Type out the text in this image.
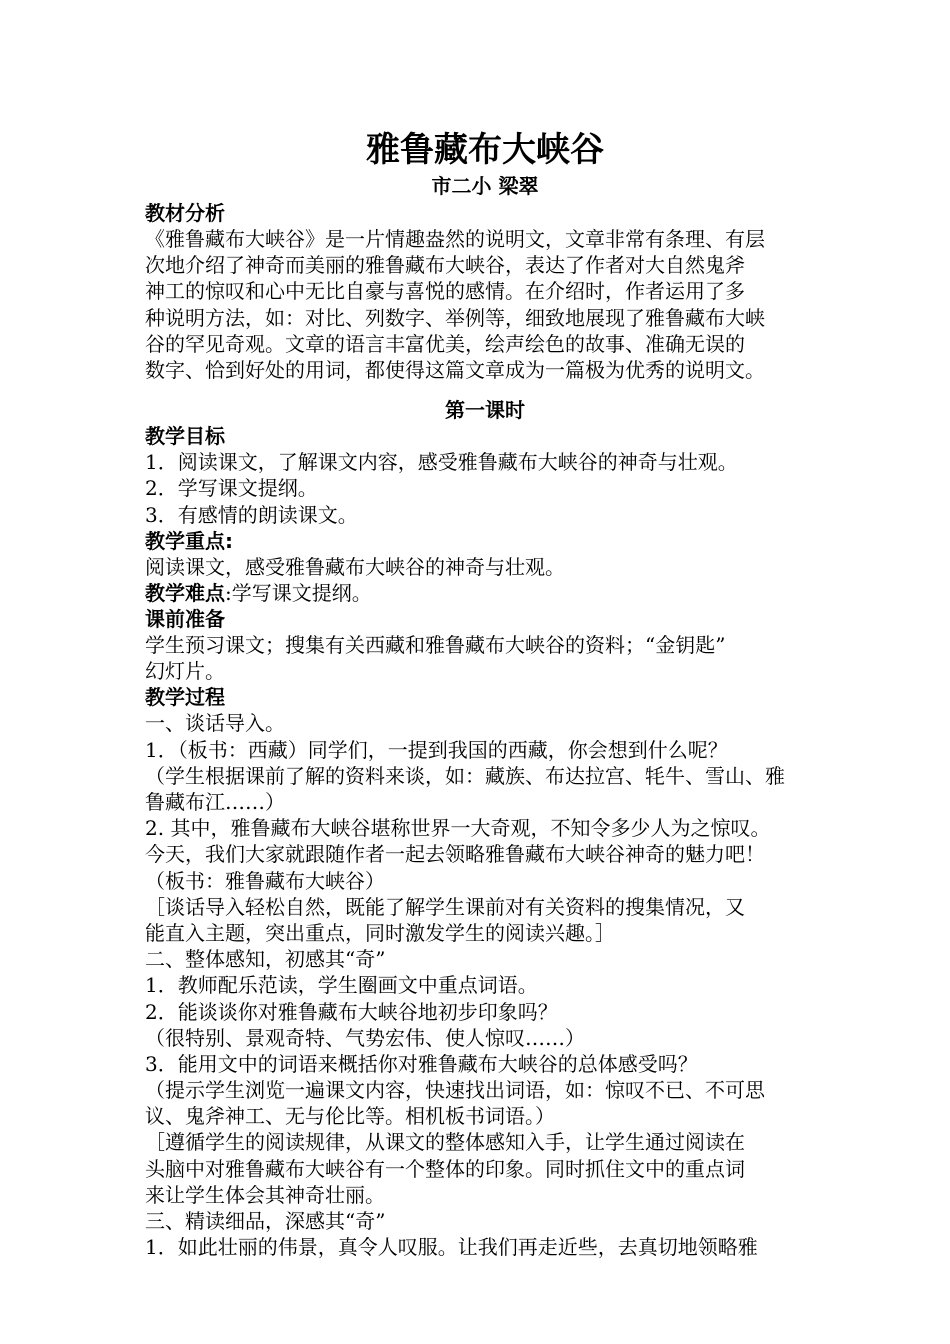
雅鲁藏布大峡谷

市二小 梁翠

教材分析

《雅鲁藏布大峡谷》是一片情趣盎然的说明文，文章非常有条理、有层

次地介绍了神奇而美丽的雅鲁藏布大峡谷，表达了作者对大自然鬼斧

神工的惊叹和心中无比自豪与喜悦的感情。在介绍时，作者运用了多

种说明方法，如：对比、列数字、举例等，细致地展现了雅鲁藏布大峡

谷的罕见奇观。文章的语言丰富优美，绘声绘色的故事、准确无误的

数字、恰到好处的用词，都使得这篇文章成为一篇极为优秀的说明文。

第一课时

教学目标

1．阅读课文，了解课文内容，感受雅鲁藏布大峡谷的神奇与壮观。

2．学写课文提纲。

3．有感情的朗读课文。

教学重点:

阅读课文，感受雅鲁藏布大峡谷的神奇与壮观。

教学难点:学写课文提纲。

课前准备

学生预习课文；搜集有关西藏和雅鲁藏布大峡谷的资料；“金钥匙”

幻灯片。

教学过程

一、谈话导入。

1．（板书：西藏）同学们，一提到我国的西藏，你会想到什么呢？

（学生根据课前了解的资料来谈，如：藏族、布达拉宫、牦牛、雪山、雅

鲁藏布江……）

2. 其中，雅鲁藏布大峡谷堪称世界一大奇观，不知令多少人为之惊叹。

今天，我们大家就跟随作者一起去领略雅鲁藏布大峡谷神奇的魅力吧！

（板书：雅鲁藏布大峡谷）

［谈话导入轻松自然，既能了解学生课前对有关资料的搜集情况，又

能直入主题，突出重点，同时激发学生的阅读兴趣。］

二、整体感知，初感其“奇”

1．教师配乐范读，学生圈画文中重点词语。

2．能谈谈你对雅鲁藏布大峡谷地初步印象吗？

（很特别、景观奇特、气势宏伟、使人惊叹……）

3．能用文中的词语来概括你对雅鲁藏布大峡谷的总体感受吗？

（提示学生浏览一遍课文内容，快速找出词语，如：惊叹不已、不可思

议、鬼斧神工、无与伦比等。相机板书词语。）

［遵循学生的阅读规律，从课文的整体感知入手，让学生通过阅读在

头脑中对雅鲁藏布大峡谷有一个整体的印象。同时抓住文中的重点词

来让学生体会其神奇壮丽。

三、精读细品，深感其“奇”

1．如此壮丽的伟景，真令人叹服。让我们再走近些，去真切地领略雅
